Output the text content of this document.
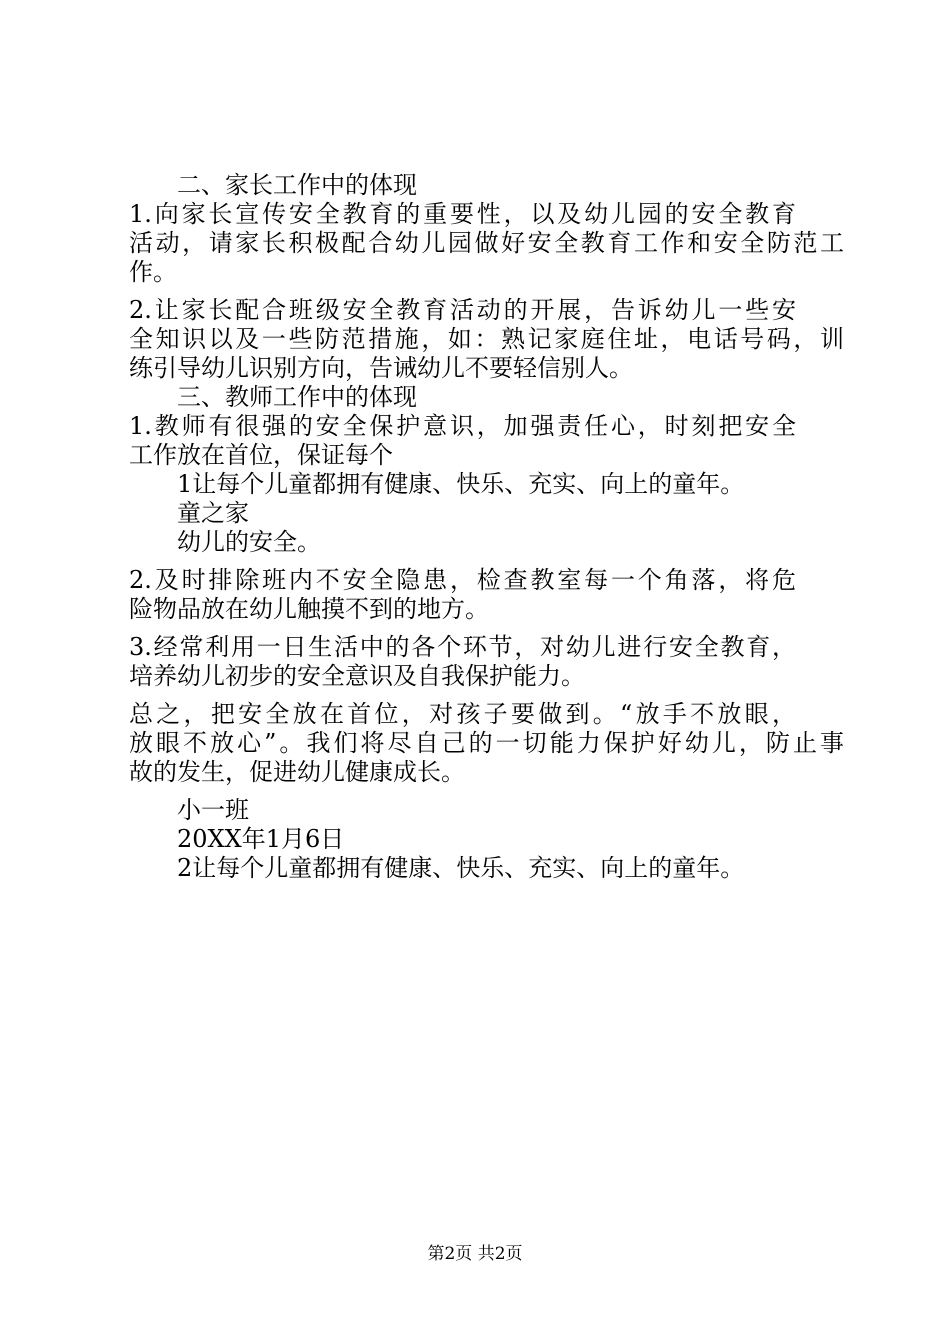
二、家长工作中的体现
1.向家长宣传安全教育的重要性，以及幼儿园的安全教育
活动，请家长积极配合幼儿园做好安全教育工作和安全防范工
作。
2.让家长配合班级安全教育活动的开展，告诉幼儿一些安
全知识以及一些防范措施，如：熟记家庭住址，电话号码，训
练引导幼儿识别方向，告诫幼儿不要轻信别人。
三、教师工作中的体现
1.教师有很强的安全保护意识，加强责任心，时刻把安全
工作放在首位，保证每个
1让每个儿童都拥有健康、快乐、充实、向上的童年。
童之家
幼儿的安全。
2.及时排除班内不安全隐患，检查教室每一个角落，将危
险物品放在幼儿触摸不到的地方。
3.经常利用一日生活中的各个环节，对幼儿进行安全教育，
培养幼儿初步的安全意识及自我保护能力。
总之，把安全放在首位，对孩子要做到。“放手不放眼，
放眼不放心”。我们将尽自己的一切能力保护好幼儿，防止事
故的发生，促进幼儿健康成长。
小一班
20XX年1月6日
2让每个儿童都拥有健康、快乐、充实、向上的童年。
第2页 共2页
